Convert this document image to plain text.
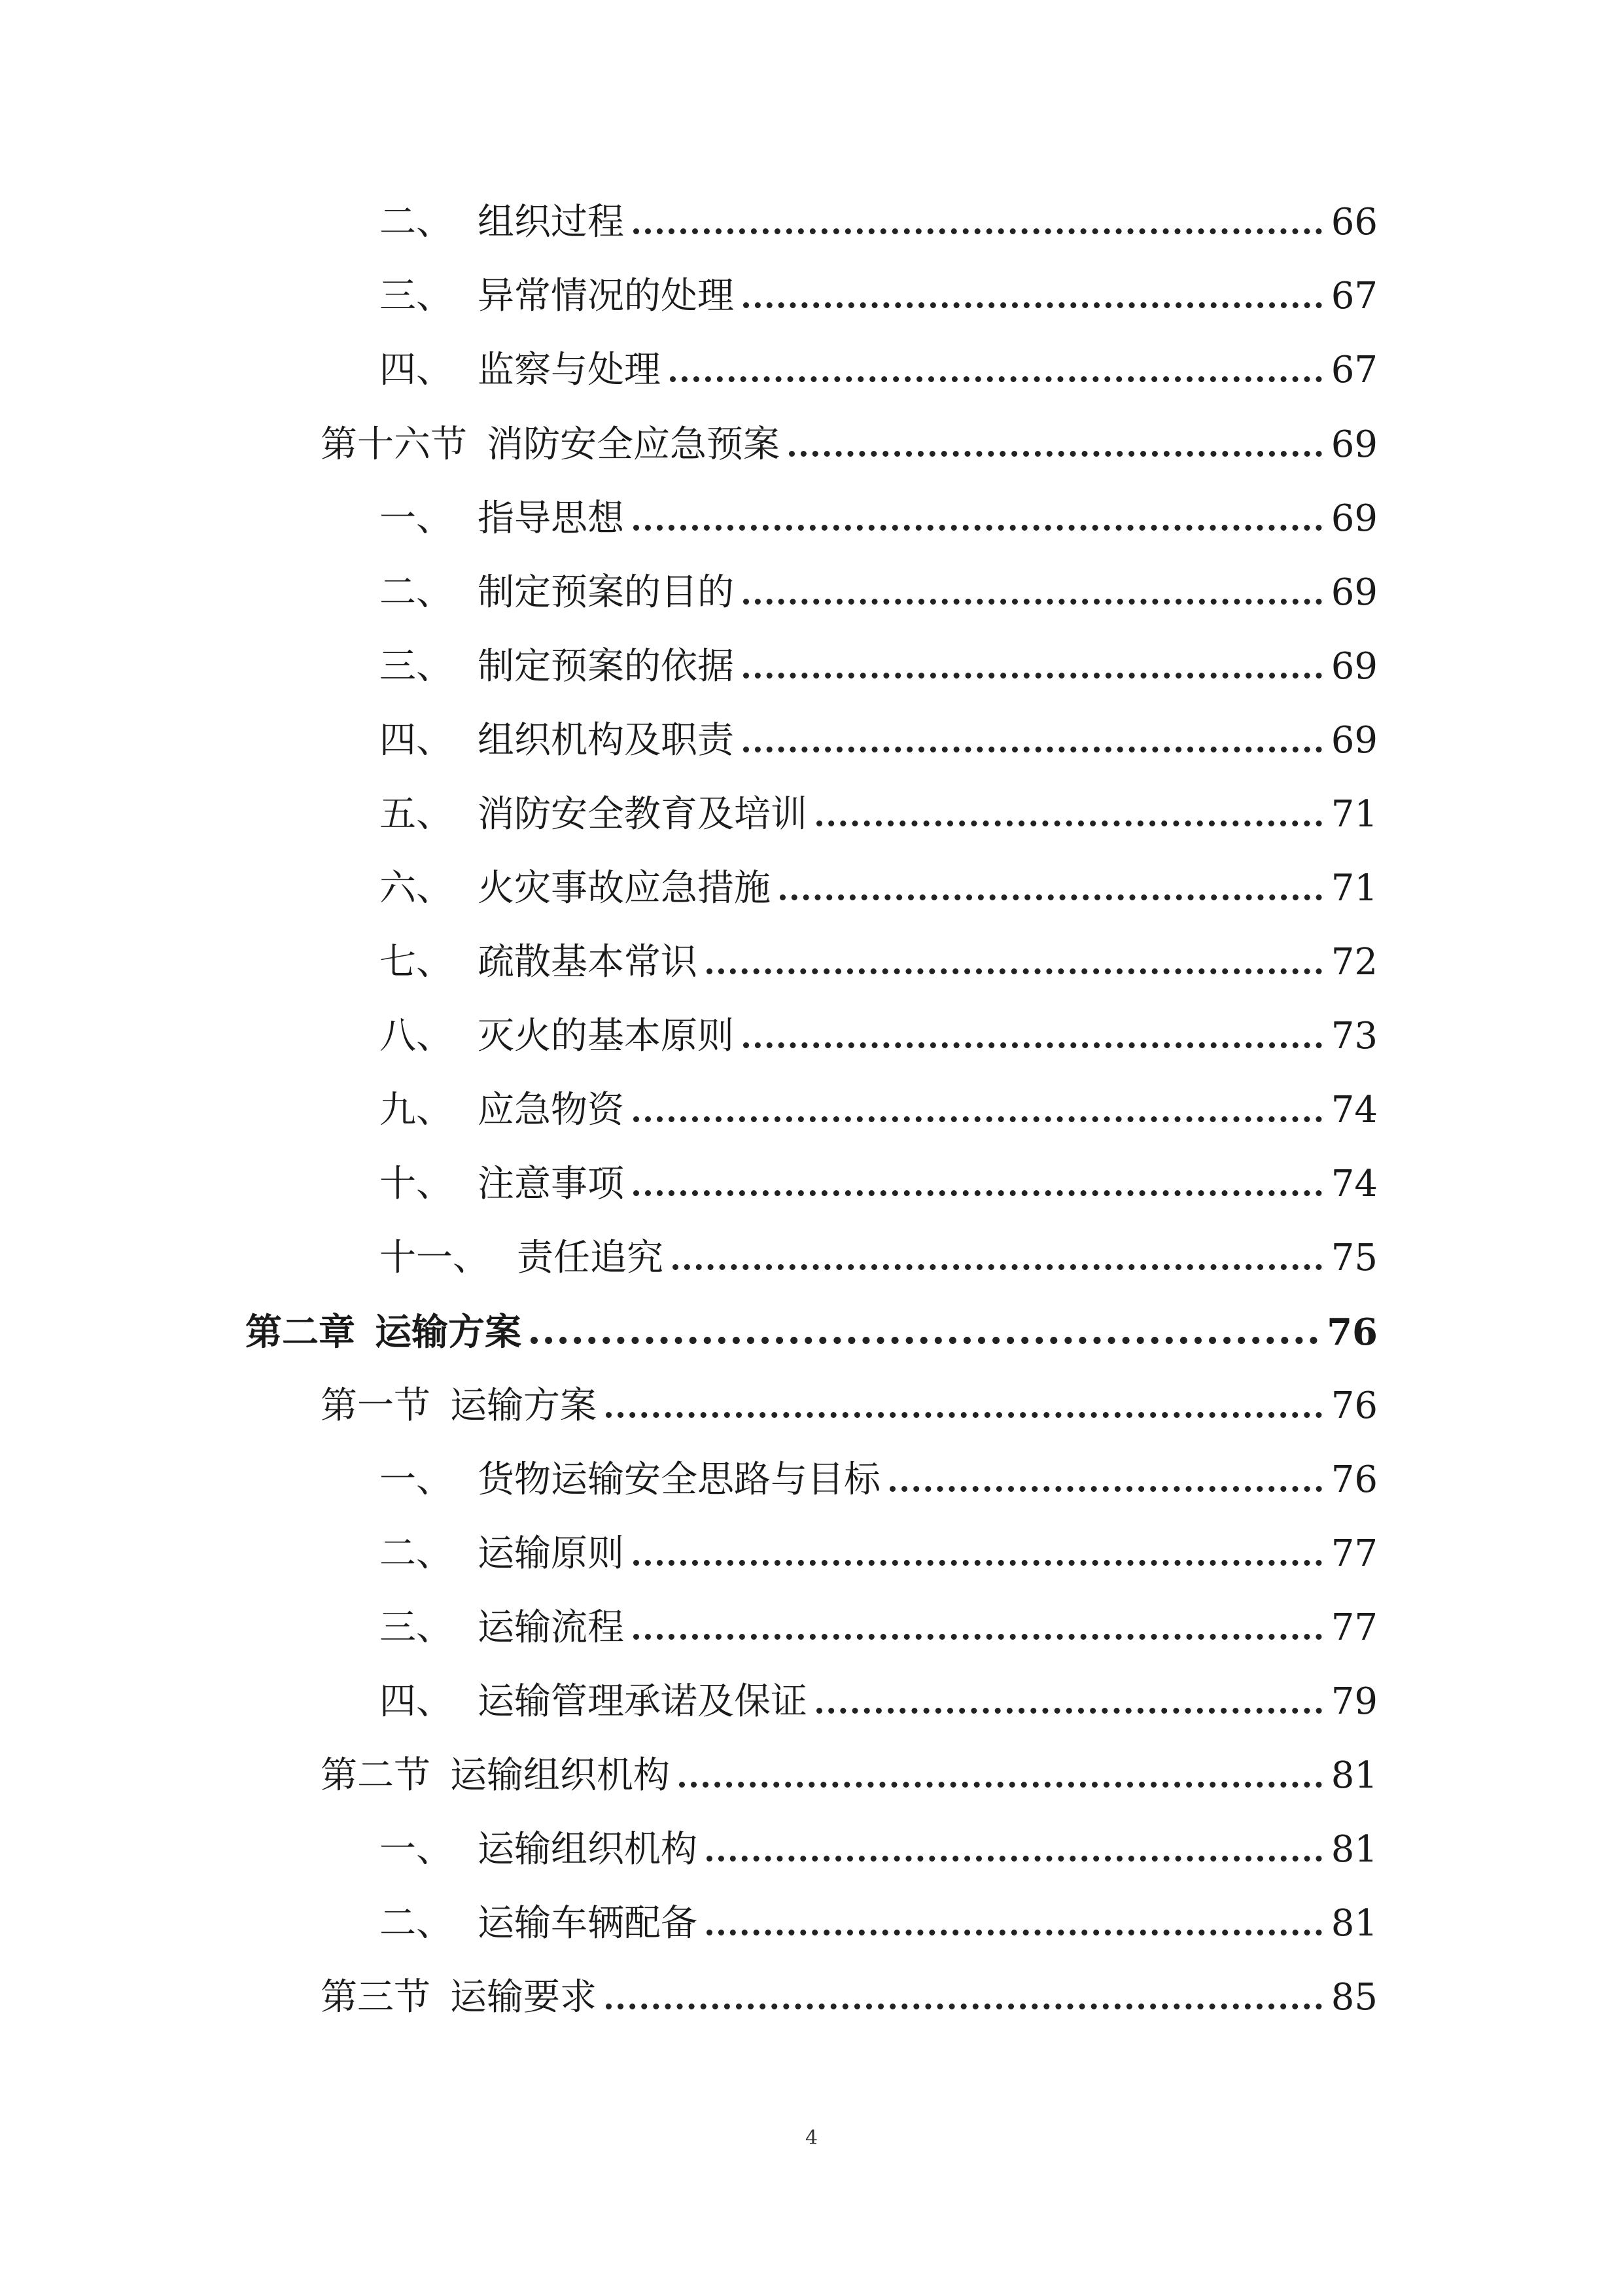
二、 组织过程	66
三、 异常情况的处理	67
四、 监察与处理	67
第十六节 消防安全应急预案	69
一、 指导思想	69
二、 制定预案的目的	69
三、 制定预案的依据	69
四、 组织机构及职责	69
五、 消防安全教育及培训	71
六、 火灾事故应急措施	71
七、 疏散基本常识	72
八、 灭火的基本原则	73
九、 应急物资	74
十、 注意事项	74
十一、 责任追究	75
第二章 运输方案	76
第一节 运输方案	76
一、 货物运输安全思路与目标	76
二、 运输原则	77
三、 运输流程	77
四、 运输管理承诺及保证	79
第二节 运输组织机构	81
一、 运输组织机构	81
二、 运输车辆配备	81
第三节 运输要求	85
4
